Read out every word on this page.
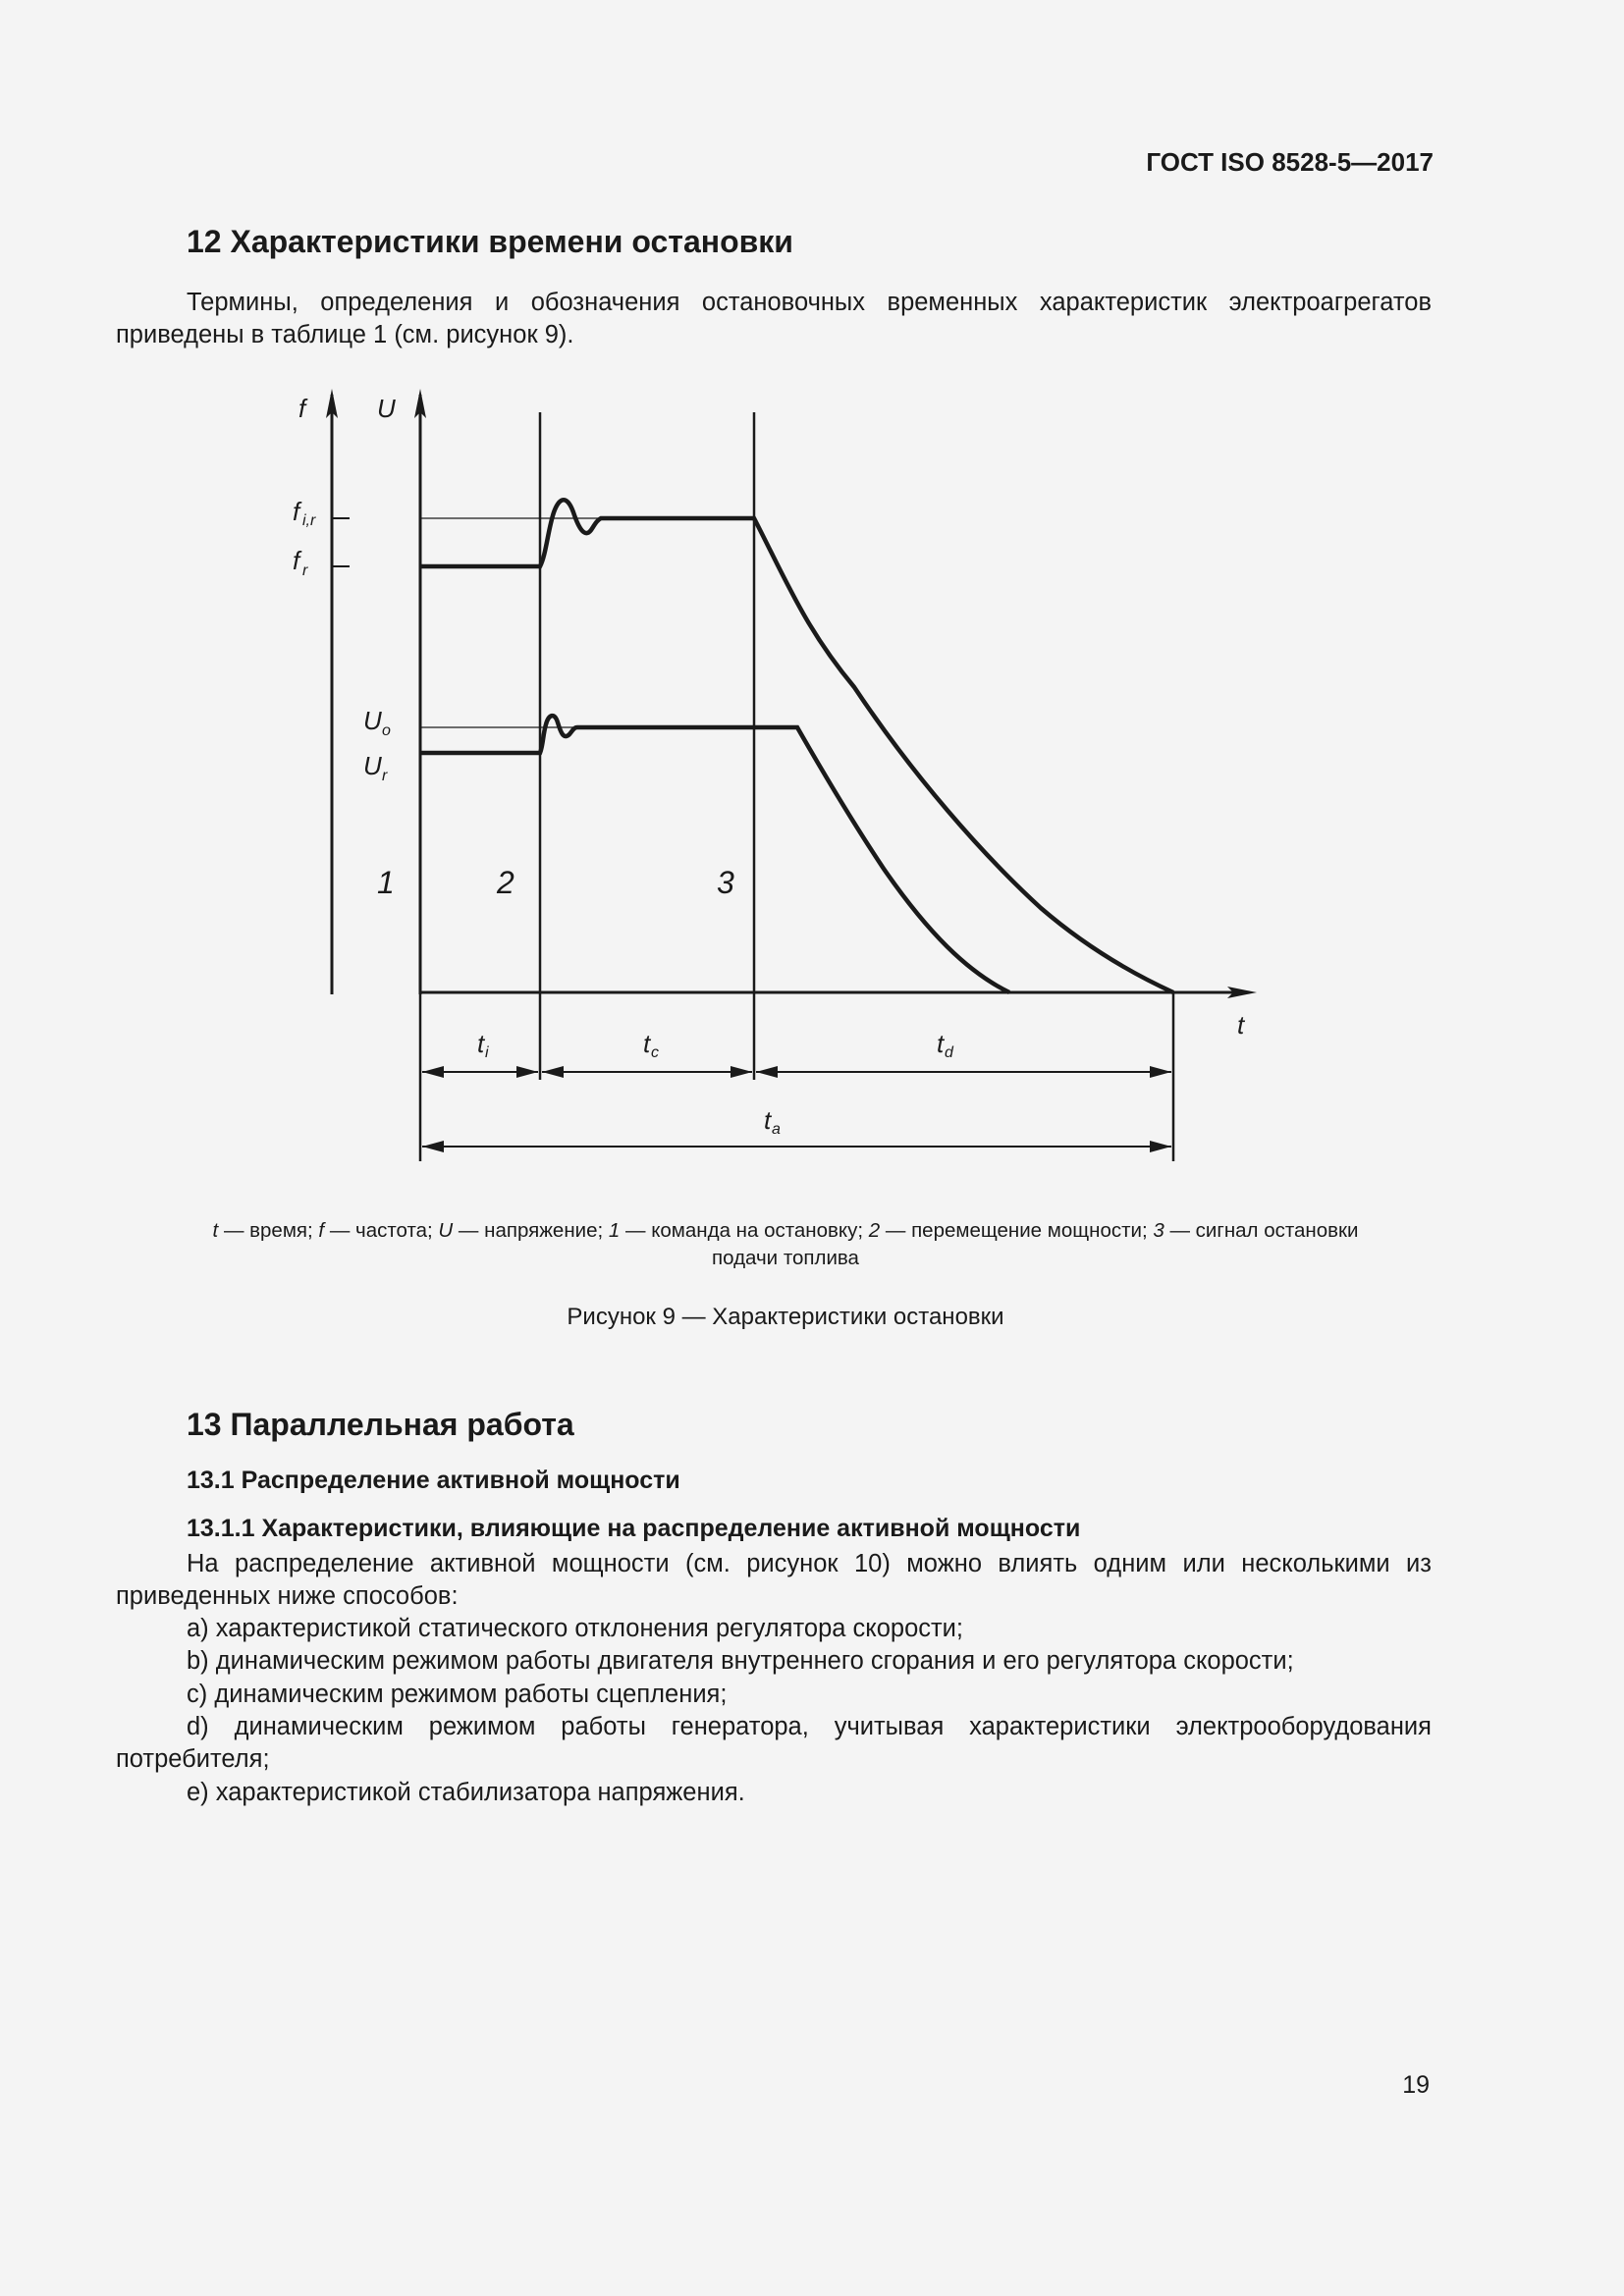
ГОСТ ISO 8528-5—2017
12 Характеристики времени остановки
Термины, определения и обозначения остановочных временных характеристик электроагрегатов
приведены в таблице 1 (см. рисунок 9).
f	U
t
f i,r
f r
U o
U r
1	2	3
t i	t c	t d
t a
t — время; f — частота; U — напряжение; 1 — команда на остановку; 2 — перемещение мощности; 3 — сигнал остановки
подачи топлива
Рисунок 9 — Характеристики остановки
13 Параллельная работа
13.1 Распределение активной мощности
13.1.1 Характеристики, влияющие на распределение активной мощности
На распределение активной мощности (см. рисунок 10) можно влиять одним или несколькими из
приведенных ниже способов:
a) характеристикой статического отклонения регулятора скорости;
b) динамическим режимом работы двигателя внутреннего сгорания и его регулятора скорости;
c) динамическим режимом работы сцепления;
d) динамическим режимом работы генератора, учитывая характеристики электрооборудования
потребителя;
e) характеристикой стабилизатора напряжения.
19
